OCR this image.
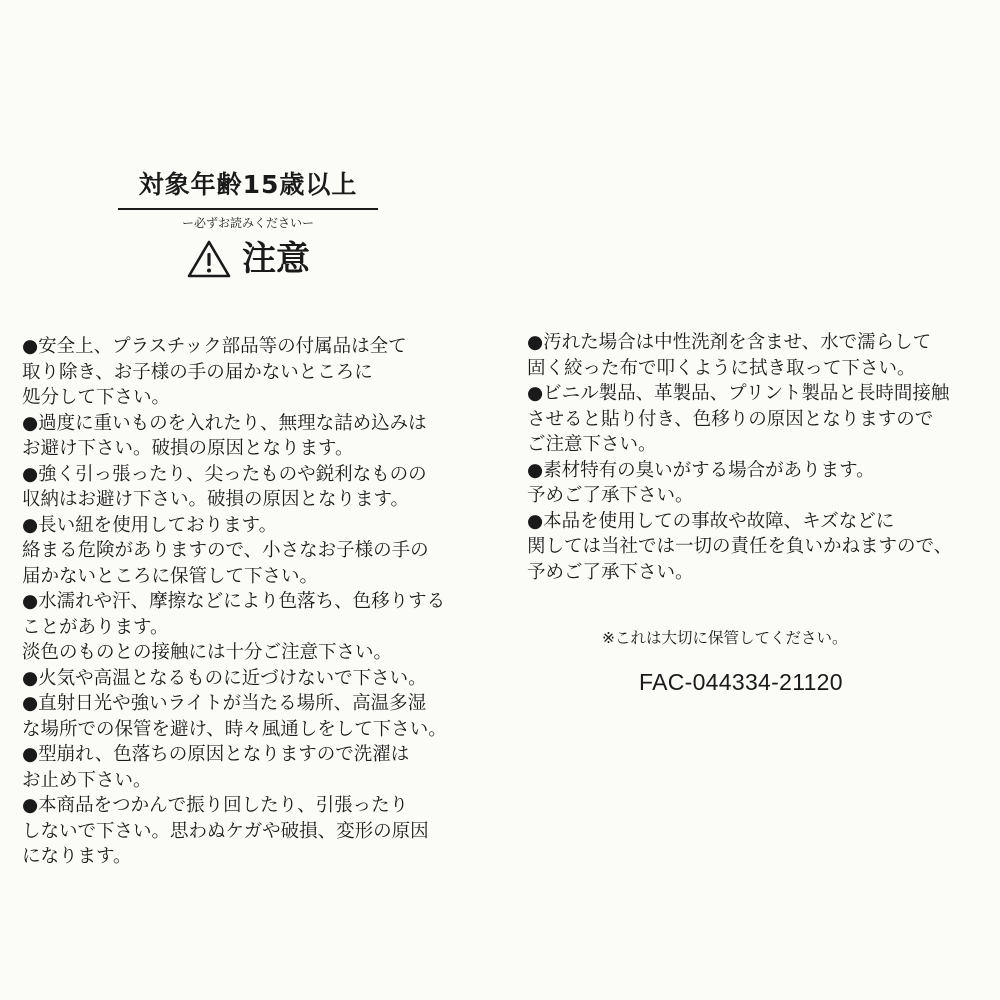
対象年齢15歳以上
ー必ずお読みくださいー
注意
●安全上、プラスチック部品等の付属品は全て
取り除き、お子様の手の届かないところに
処分して下さい。
●過度に重いものを入れたり、無理な詰め込みは
お避け下さい。破損の原因となります。
●強く引っ張ったり、尖ったものや鋭利なものの
収納はお避け下さい。破損の原因となります。
●長い紐を使用しております。
絡まる危険がありますので、小さなお子様の手の
届かないところに保管して下さい。
●水濡れや汗、摩擦などにより色落ち、色移りする
ことがあります。
淡色のものとの接触には十分ご注意下さい。
●火気や高温となるものに近づけないで下さい。
●直射日光や強いライトが当たる場所、高温多湿
な場所での保管を避け、時々風通しをして下さい。
●型崩れ、色落ちの原因となりますので洗濯は
お止め下さい。
●本商品をつかんで振り回したり、引張ったり
しないで下さい。思わぬケガや破損、変形の原因
になります。
●汚れた場合は中性洗剤を含ませ、水で濡らして
固く絞った布で叩くように拭き取って下さい。
●ビニル製品、革製品、プリント製品と長時間接触
させると貼り付き、色移りの原因となりますので
ご注意下さい。
●素材特有の臭いがする場合があります。
予めご了承下さい。
●本品を使用しての事故や故障、キズなどに
関しては当社では一切の責任を負いかねますので、
予めご了承下さい。
※これは大切に保管してください。
FAC-044334-21120
